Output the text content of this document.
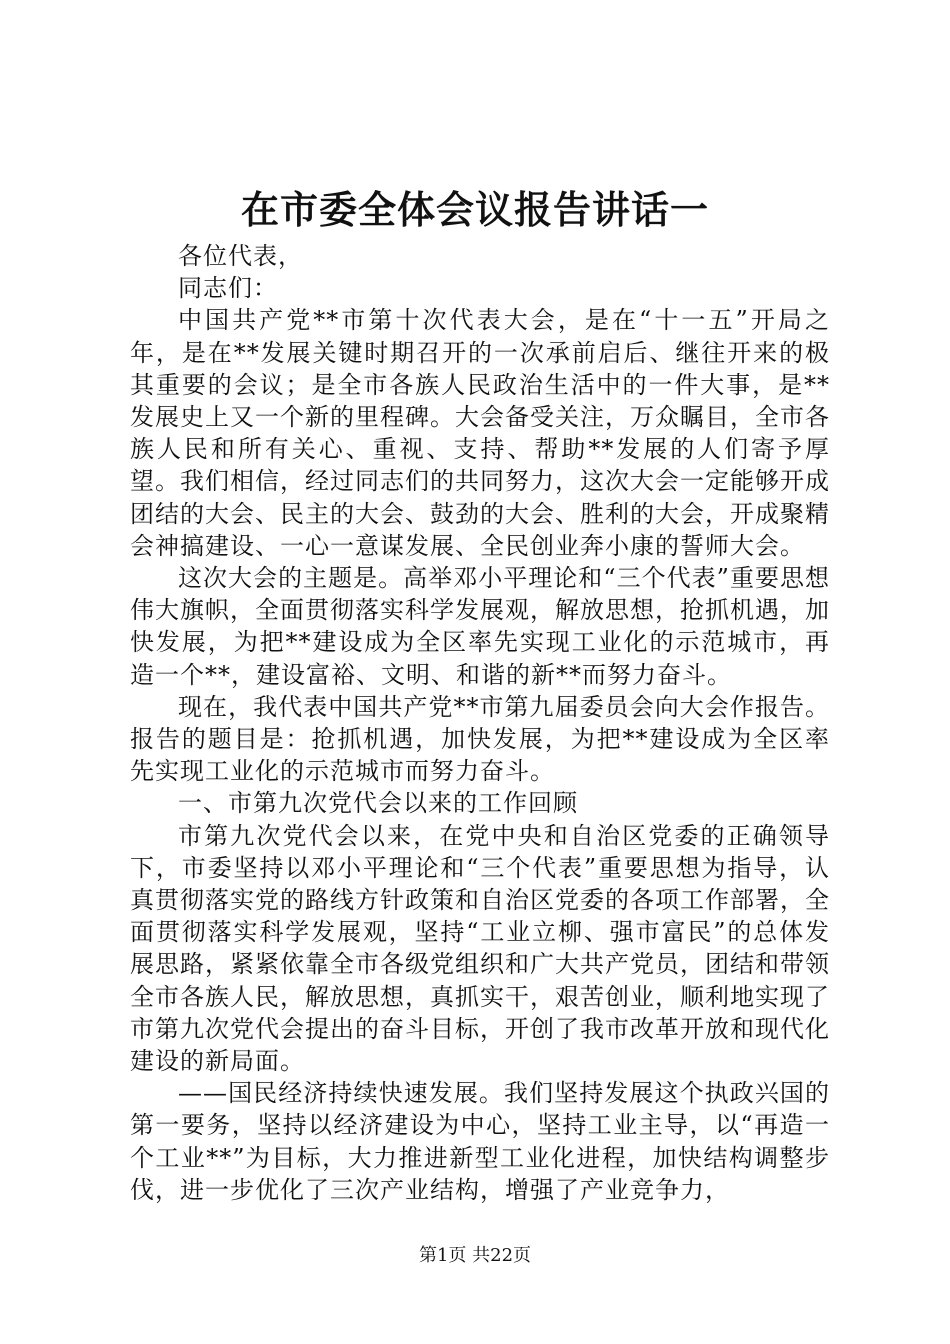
在市委全体会议报告讲话一

各位代表，

同志们：

中国共产党**市第十次代表大会，是在“十一五”开局之年，是在**发展关键时期召开的一次承前启后、继往开来的极其重要的会议；是全市各族人民政治生活中的一件大事，是**发展史上又一个新的里程碑。大会备受关注，万众瞩目，全市各族人民和所有关心、重视、支持、帮助**发展的人们寄予厚望。我们相信，经过同志们的共同努力，这次大会一定能够开成团结的大会、民主的大会、鼓劲的大会、胜利的大会，开成聚精会神搞建设、一心一意谋发展、全民创业奔小康的誓师大会。

这次大会的主题是。高举邓小平理论和“三个代表”重要思想伟大旗帜，全面贯彻落实科学发展观，解放思想，抢抓机遇，加快发展，为把**建设成为全区率先实现工业化的示范城市，再造一个**，建设富裕、文明、和谐的新**而努力奋斗。

现在，我代表中国共产党**市第九届委员会向大会作报告。报告的题目是：抢抓机遇，加快发展，为把**建设成为全区率先实现工业化的示范城市而努力奋斗。

一、市第九次党代会以来的工作回顾

市第九次党代会以来，在党中央和自治区党委的正确领导下，市委坚持以邓小平理论和“三个代表”重要思想为指导，认真贯彻落实党的路线方针政策和自治区党委的各项工作部署，全面贯彻落实科学发展观，坚持“工业立柳、强市富民”的总体发展思路，紧紧依靠全市各级党组织和广大共产党员，团结和带领全市各族人民，解放思想，真抓实干，艰苦创业，顺利地实现了市第九次党代会提出的奋斗目标，开创了我市改革开放和现代化建设的新局面。

——国民经济持续快速发展。我们坚持发展这个执政兴国的第一要务，坚持以经济建设为中心，坚持工业主导，以“再造一个工业**”为目标，大力推进新型工业化进程，加快结构调整步伐，进一步优化了三次产业结构，增强了产业竞争力，

第1页 共22页
